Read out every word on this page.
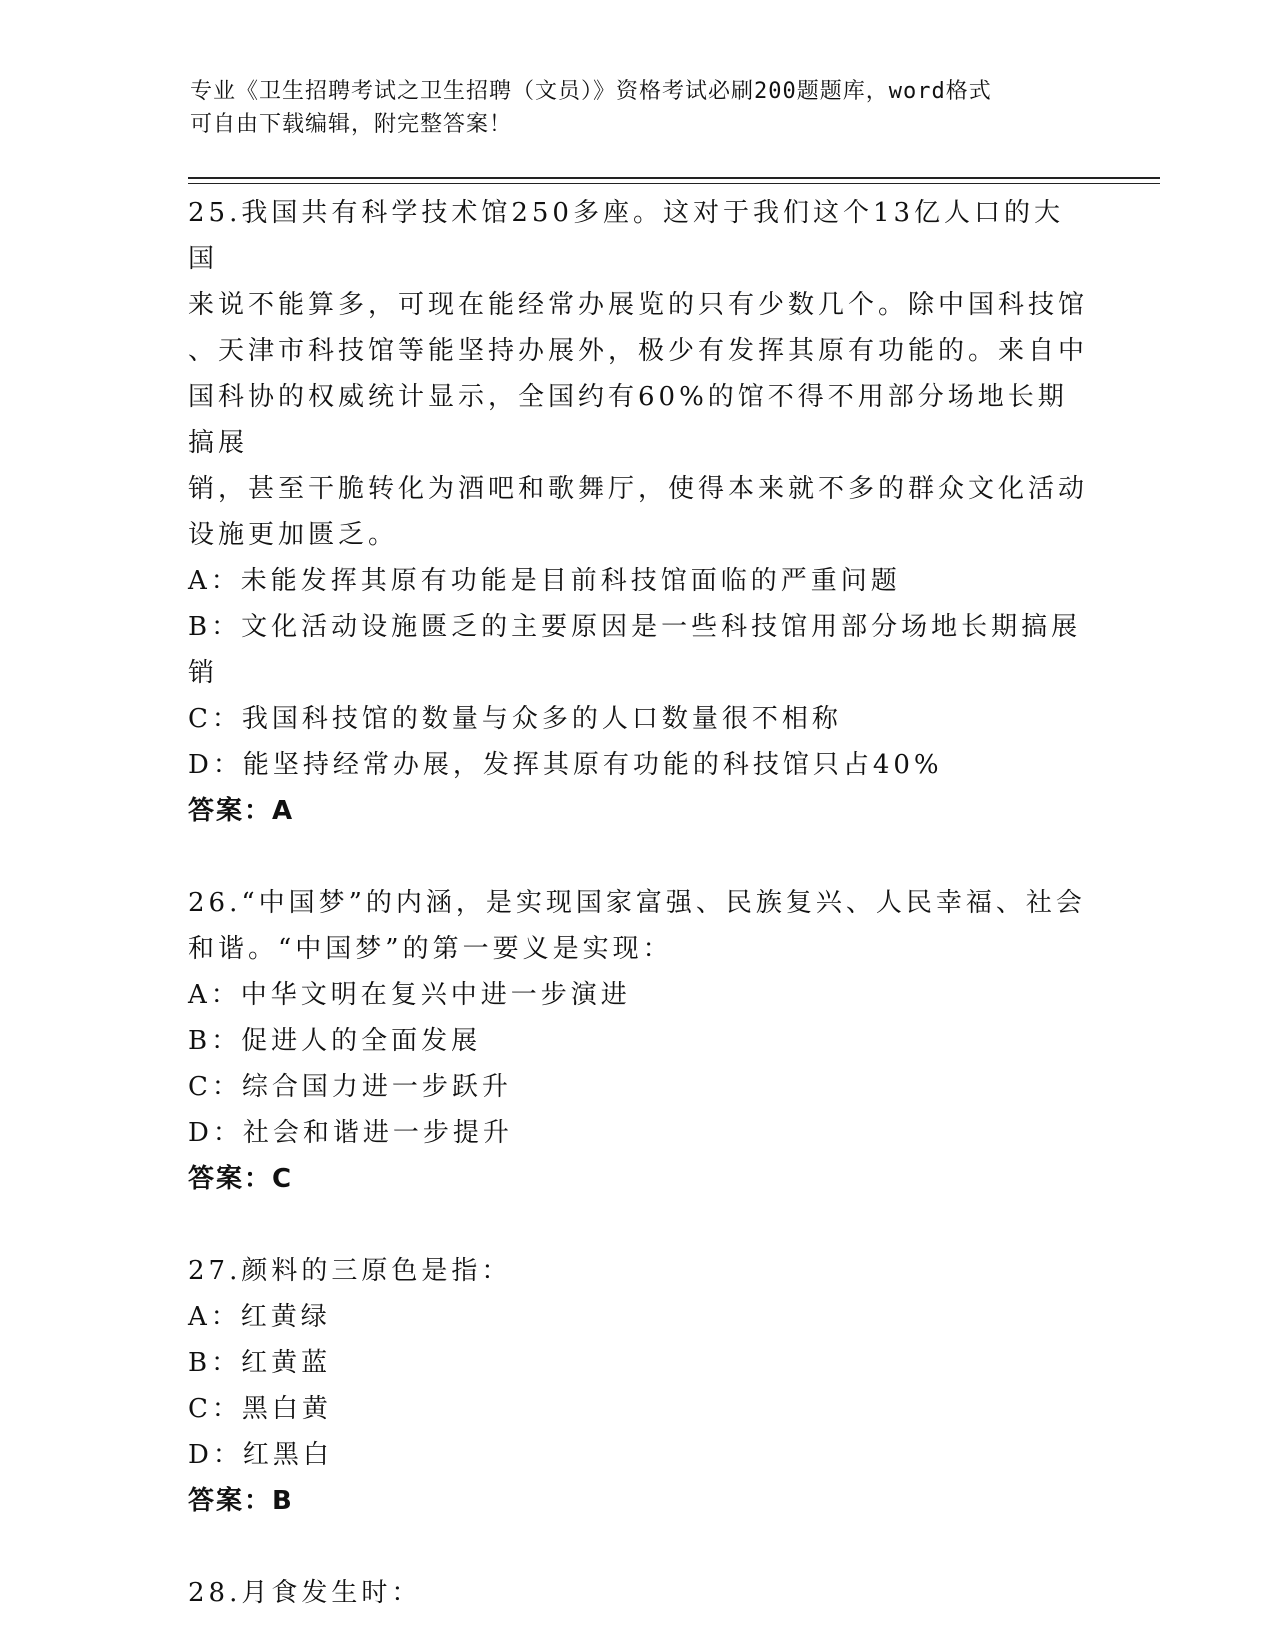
专业《卫生招聘考试之卫生招聘（文员）》资格考试必刷200题题库，word格式
可自由下载编辑，附完整答案！

25.我国共有科学技术馆250多座。这对于我们这个13亿人口的大国

来说不能算多，可现在能经常办展览的只有少数几个。除中国科技馆

、天津市科技馆等能坚持办展外，极少有发挥其原有功能的。来自中

国科协的权威统计显示，全国约有60%的馆不得不用部分场地长期搞展

销，甚至干脆转化为酒吧和歌舞厅，使得本来就不多的群众文化活动

设施更加匮乏。

A：未能发挥其原有功能是目前科技馆面临的严重问题

B：文化活动设施匮乏的主要原因是一些科技馆用部分场地长期搞展销

C：我国科技馆的数量与众多的人口数量很不相称

D：能坚持经常办展，发挥其原有功能的科技馆只占40%

答案：A

26.“中国梦”的内涵，是实现国家富强、民族复兴、人民幸福、社会

和谐。“中国梦”的第一要义是实现：

A：中华文明在复兴中进一步演进

B：促进人的全面发展

C：综合国力进一步跃升

D：社会和谐进一步提升

答案：C

27.颜料的三原色是指：

A：红黄绿

B：红黄蓝

C：黑白黄

D：红黑白

答案：B

28.月食发生时：
